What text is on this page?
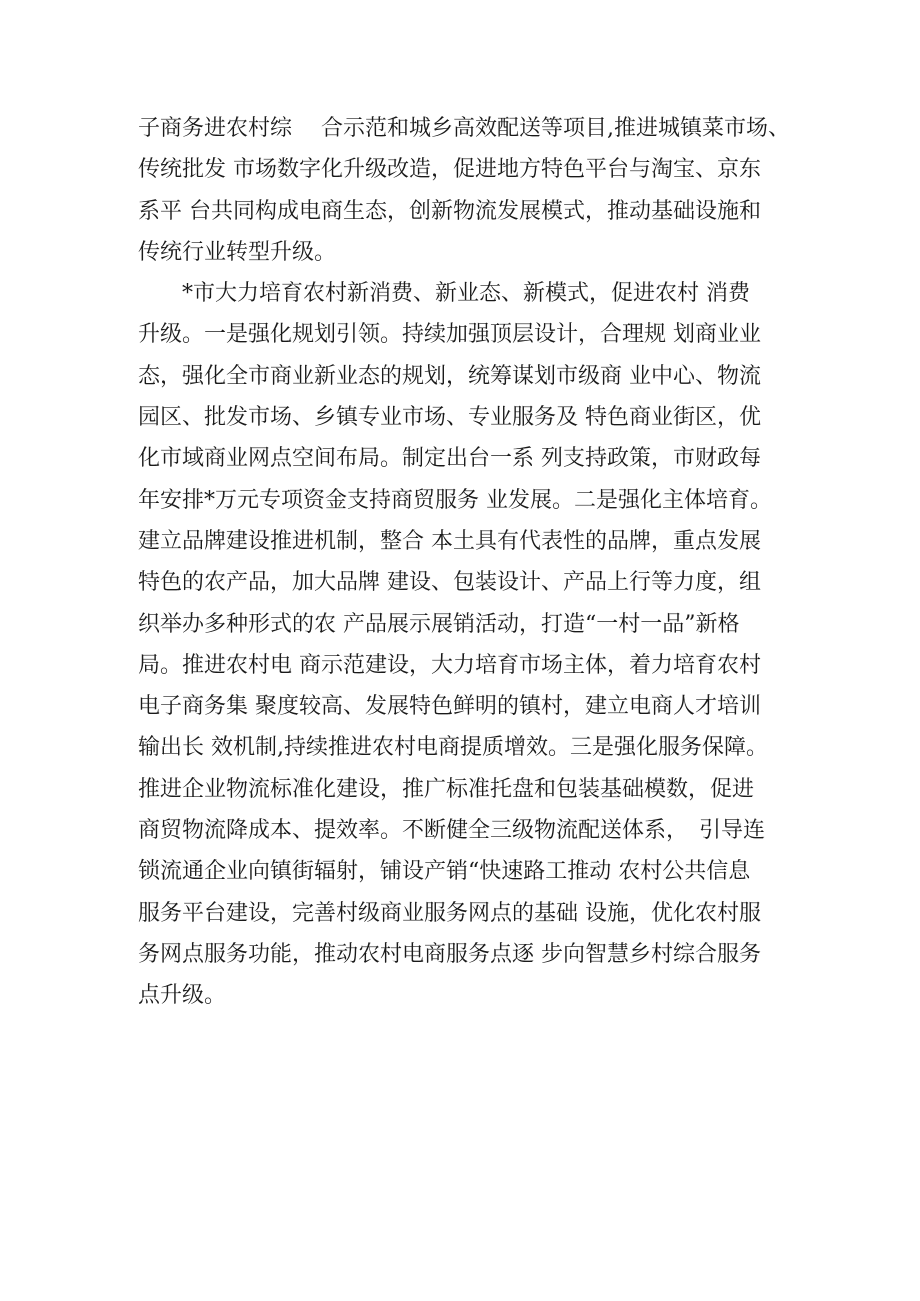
子商务进农村综　 合示范和城乡高效配送等项目,推进城镇菜市场、
传统批发 市场数字化升级改造，促进地方特色平台与淘宝、京东
系平 台共同构成电商生态，创新物流发展模式，推动基础设施和
传统行业转型升级。
*市大力培育农村新消费、新业态、新模式，促进农村 消费
升级。一是强化规划引领。持续加强顶层设计，合理规 划商业业
态，强化全市商业新业态的规划，统筹谋划市级商 业中心、物流
园区、批发市场、乡镇专业市场、专业服务及 特色商业街区，优
化市域商业网点空间布局。制定出台一系 列支持政策，市财政每
年安排*万元专项资金支持商贸服务 业发展。二是强化主体培育。
建立品牌建设推进机制，整合 本土具有代表性的品牌，重点发展
特色的农产品，加大品牌 建设、包装设计、产品上行等力度，组
织举办多种形式的农 产品展示展销活动，打造“一村一品”新格
局。推进农村电 商示范建设，大力培育市场主体，着力培育农村
电子商务集 聚度较高、发展特色鲜明的镇村，建立电商人才培训
输出长 效机制,持续推进农村电商提质增效。三是强化服务保障。
推进企业物流标准化建设，推广标准托盘和包装基础模数，促进
商贸物流降成本、提效率。不断健全三级物流配送体系，　引导连
锁流通企业向镇街辐射，铺设产销“快速路工推动 农村公共信息
服务平台建设，完善村级商业服务网点的基础 设施，优化农村服
务网点服务功能，推动农村电商服务点逐 步向智慧乡村综合服务
点升级。
